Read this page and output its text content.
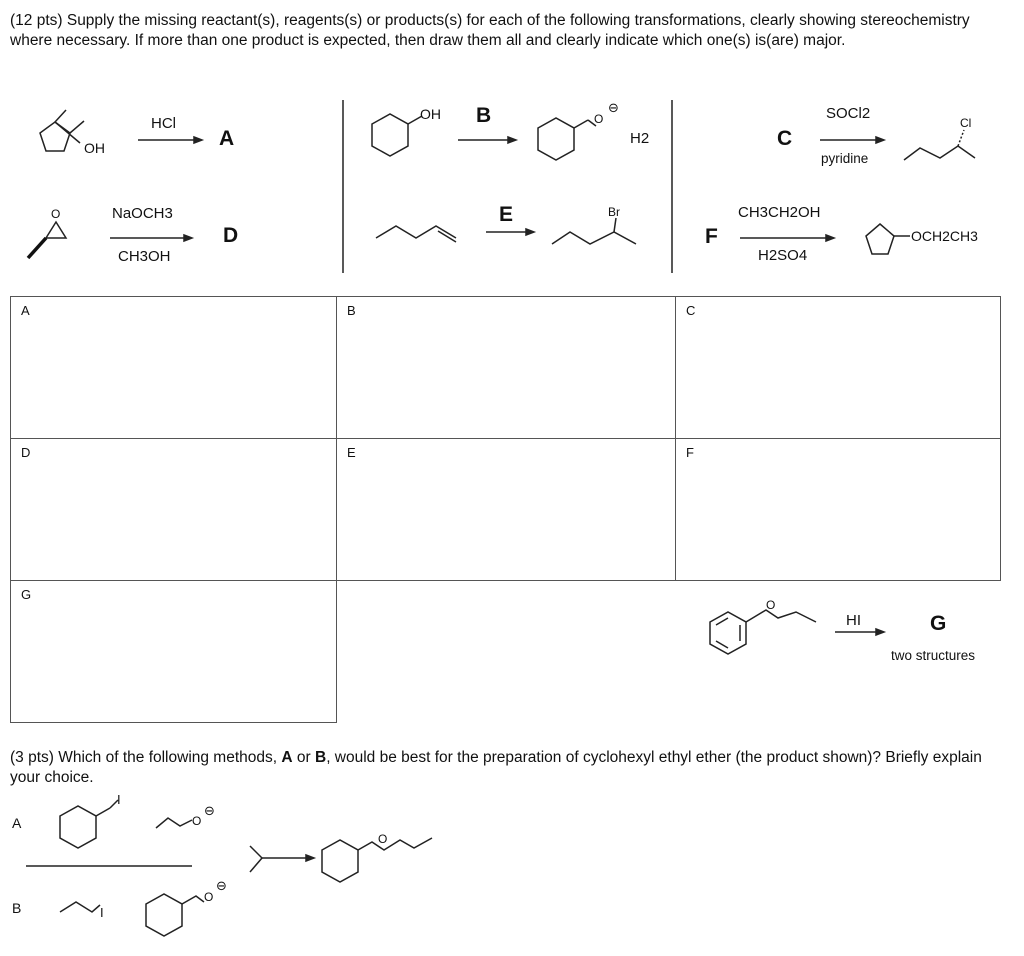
(12 pts) Supply the missing reactant(s), reagents(s) or products(s) for each of the following transformations, clearly showing stereochemistry where necessary. If more than one product is expected, then draw them all and clearly indicate which one(s) is(are) major.
OH
HCl
A
OH B	O
⊖
H2	C
SOCl2
pyridine
Cl
O	NaOCH3
CH3OH
D
E	Br
F
CH3CH2OH
H2SO4
OCH2CH3
O
HI	G
two structures
A	B	C
D	E	F
G
(3 pts) Which of the following methods, A or B, would be best for the preparation of cyclohexyl ethyl ether (the product shown)? Briefly explain your choice.
A
I
O
⊖
B	I
O
⊖
O
